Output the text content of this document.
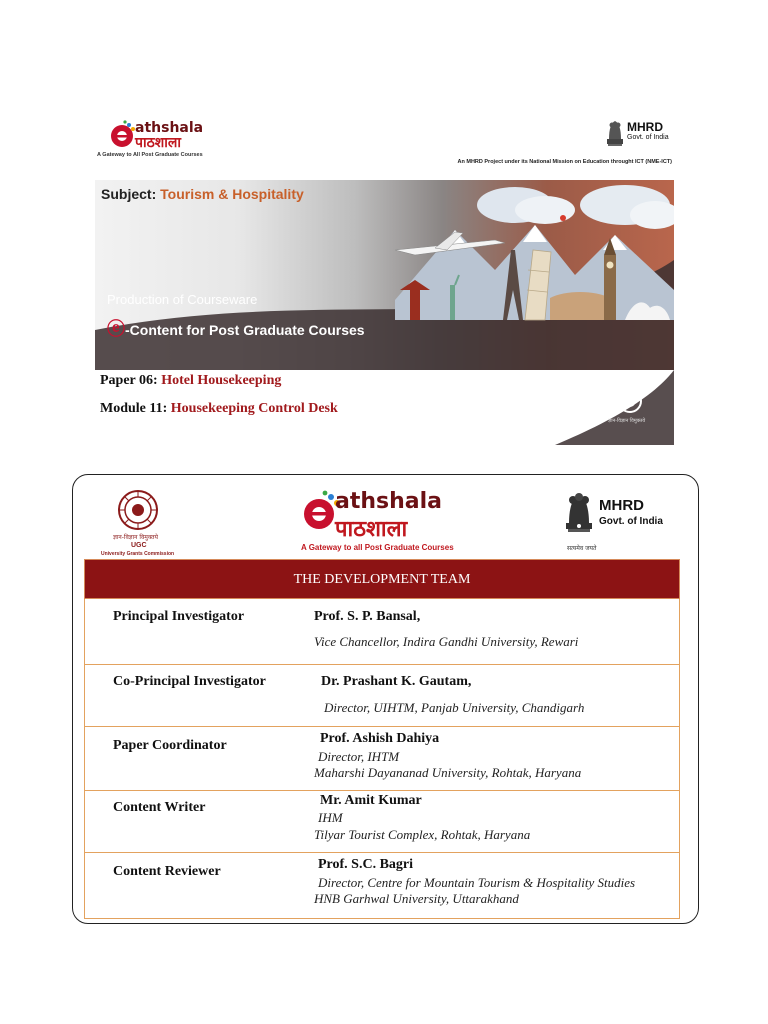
athshala
पाठशाला
A Gateway to All Post Graduate Courses
MHRD
Govt. of India
An MHRD Project under its National Mission on Education throught ICT (NME-ICT)
Subject: Tourism & Hospitality
Production of Courseware
ⓔ-Content for Post Graduate Courses
Paper 06: Hotel Housekeeping
Module 11: Housekeeping Control Desk
ज्ञान-विज्ञान विमुक्तये
ज्ञान-विज्ञान विमुक्तये
UGC
University Grants Commission
athshala
पाठशाला
A Gateway to all Post Graduate Courses
MHRD
Govt. of India
सत्यमेव जयते
THE DEVELOPMENT TEAM
Principal Investigator	Prof. S. P. Bansal,
Vice Chancellor, Indira Gandhi University, Rewari
Co-Principal Investigator	Dr. Prashant K. Gautam,
Director, UIHTM, Panjab University, Chandigarh
Paper Coordinator	Prof. Ashish Dahiya
Director, IHTM
Maharshi Dayananad University, Rohtak, Haryana
Content Writer	Mr. Amit Kumar
IHM
Tilyar Tourist Complex, Rohtak, Haryana
Content Reviewer	Prof. S.C. Bagri
Director, Centre for Mountain Tourism & Hospitality Studies
HNB Garhwal University, Uttarakhand
